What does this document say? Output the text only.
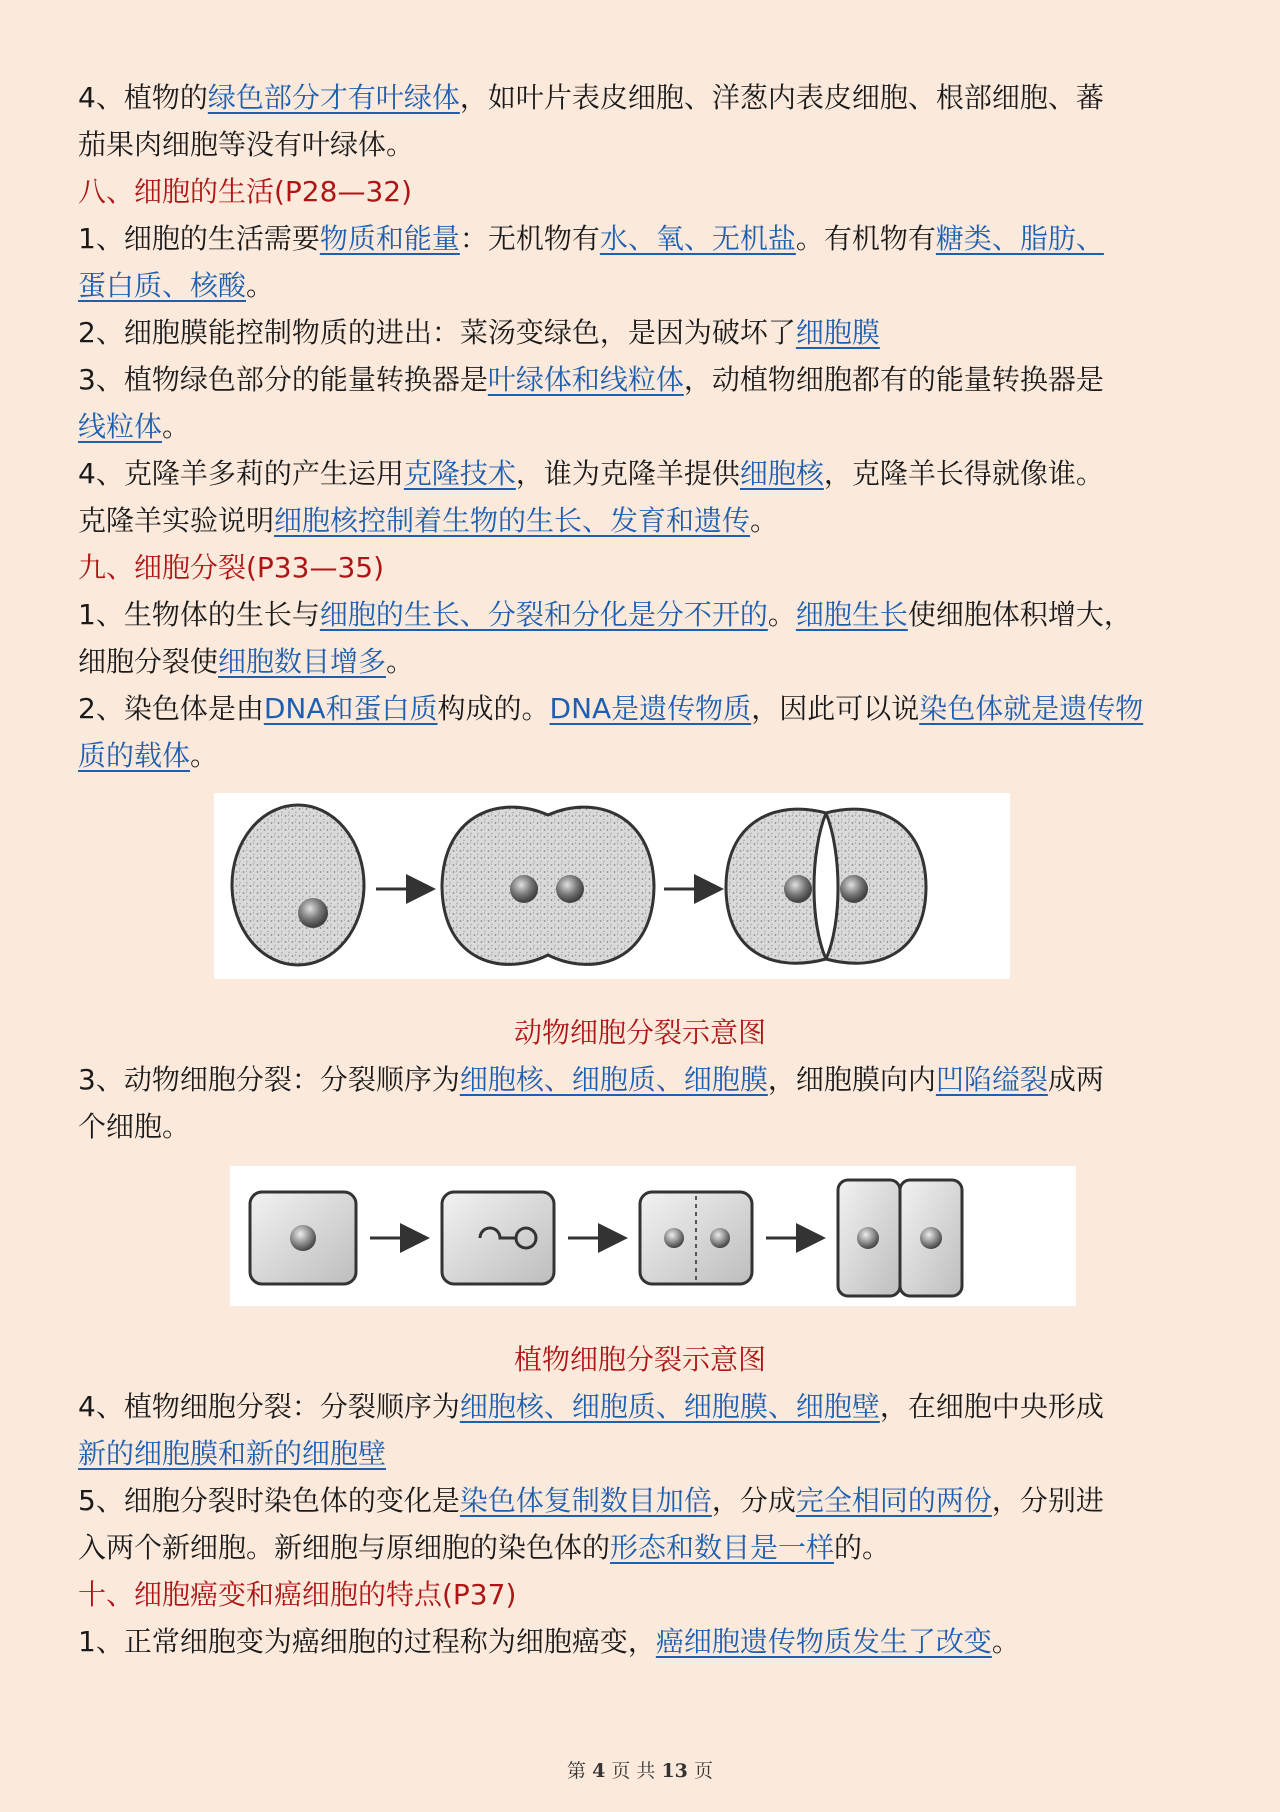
4、植物的绿色部分才有叶绿体，如叶片表皮细胞、洋葱内表皮细胞、根部细胞、蕃

茄果肉细胞等没有叶绿体。

八、细胞的生活(P28—32)

1、细胞的生活需要物质和能量：无机物有水、氧、无机盐。有机物有糖类、脂肪、

蛋白质、核酸。

2、细胞膜能控制物质的进出：菜汤变绿色，是因为破坏了细胞膜

3、植物绿色部分的能量转换器是叶绿体和线粒体，动植物细胞都有的能量转换器是

线粒体。

4、克隆羊多莉的产生运用克隆技术，谁为克隆羊提供细胞核，克隆羊长得就像谁。

克隆羊实验说明细胞核控制着生物的生长、发育和遗传。

九、细胞分裂(P33—35)

1、生物体的生长与细胞的生长、分裂和分化是分不开的。细胞生长使细胞体积增大，

细胞分裂使细胞数目增多。

2、染色体是由DNA和蛋白质构成的。DNA是遗传物质，因此可以说染色体就是遗传物

质的载体。

动物细胞分裂示意图

3、动物细胞分裂：分裂顺序为细胞核、细胞质、细胞膜，细胞膜向内凹陷缢裂成两

个细胞。

植物细胞分裂示意图

4、植物细胞分裂：分裂顺序为细胞核、细胞质、细胞膜、细胞壁，在细胞中央形成

新的细胞膜和新的细胞壁

5、细胞分裂时染色体的变化是染色体复制数目加倍，分成完全相同的两份，分别进

入两个新细胞。新细胞与原细胞的染色体的形态和数目是一样的。

十、细胞癌变和癌细胞的特点(P37)

1、正常细胞变为癌细胞的过程称为细胞癌变，癌细胞遗传物质发生了改变。

第 4 页 共 13 页
